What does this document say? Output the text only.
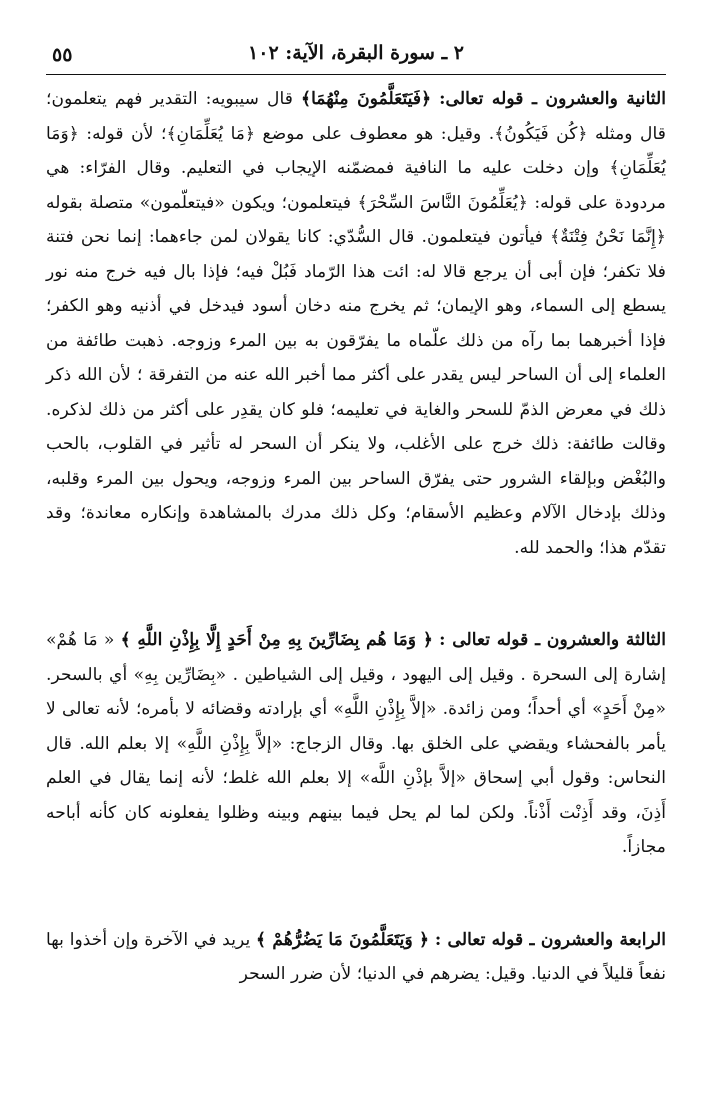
٢ ـ سورة البقرة، الآية: ١٠٢
٥٥

الثانية والعشرون ـ قوله تعالى: ﴿فَيَتَعَلَّمُونَ مِنْهُمَا﴾ قال سيبويه: التقدير فهم يتعلمون؛ قال ومثله ﴿كُن فَيَكُونُ﴾. وقيل: هو معطوف على موضع ﴿مَا يُعَلِّمَانِ﴾؛ لأن قوله: ﴿وَمَا يُعَلِّمَانِ﴾ وإن دخلت عليه ما النافية فمضمّنه الإيجاب في التعليم. وقال الفرّاء: هي مردودة على قوله: ﴿يُعَلِّمُونَ النَّاسَ السِّحْرَ﴾ فيتعلمون؛ ويكون «فيتعلّمون» متصلة بقوله ﴿إِنَّمَا نَحْنُ فِتْنَةٌ﴾ فيأتون فيتعلمون. قال السُّدّي: كانا يقولان لمن جاءهما: إنما نحن فتنة فلا تكفر؛ فإن أبى أن يرجع قالا له: ائت هذا الرّماد فَبُلْ فيه؛ فإذا بال فيه خرج منه نور يسطع إلى السماء، وهو الإيمان؛ ثم يخرج منه دخان أسود فيدخل في أذنيه وهو الكفر؛ فإذا أخبرهما بما رآه من ذلك علّماه ما يفرّقون به بين المرء وزوجه. ذهبت طائفة من العلماء إلى أن الساحر ليس يقدر على أكثر مما أخبر الله عنه من التفرقة ؛ لأن الله ذكر ذلك في معرض الذمّ للسحر والغاية في تعليمه؛ فلو كان يقدِر على أكثر من ذلك لذكره. وقالت طائفة: ذلك خرج على الأغلب، ولا ينكر أن السحر له تأثير في القلوب، بالحب والبُغْض وبإلقاء الشرور حتى يفرّق الساحر بين المرء وزوجه، ويحول بين المرء وقلبه، وذلك بإدخال الآلام وعظيم الأسقام؛ وكل ذلك مدرك بالمشاهدة وإنكاره معاندة؛ وقد تقدّم هذا؛ والحمد لله.

الثالثة والعشرون ـ قوله تعالى : ﴿ وَمَا هُم بِضَارِّينَ بِهِ مِنْ أَحَدٍ إِلَّا بِإِذْنِ اللَّهِ ﴾ « مَا هُمْ» إشارة إلى السحرة . وقيل إلى اليهود ، وقيل إلى الشياطين . «بِضَارِّين بِهِ» أي بالسحر. «مِنْ أَحَدٍ» أي أحداً؛ ومن زائدة. «إلاَّ بِإِذْنِ اللَّهِ» أي بإرادته وقضائه لا بأمره؛ لأنه تعالى لا يأمر بالفحشاء ويقضي على الخلق بها. وقال الزجاج: «إلاَّ بِإِذْنِ اللَّهِ» إلا بعلم الله. قال النحاس: وقول أبي إسحاق «إلاَّ بإذْنِ اللَّه» إلا بعلم الله غلط؛ لأنه إنما يقال في العلم أَذِنَ، وقد أَذِنْت أَذْناً. ولكن لما لم يحل فيما بينهم وبينه وظلوا يفعلونه كان كأنه أباحه مجازاً.

الرابعة والعشرون ـ قوله تعالى : ﴿ وَيَتَعَلَّمُونَ مَا يَضُرُّهُمْ ﴾ يريد في الآخرة وإن أخذوا بها نفعاً قليلاً في الدنيا. وقيل: يضرهم في الدنيا؛ لأن ضرر السحر
